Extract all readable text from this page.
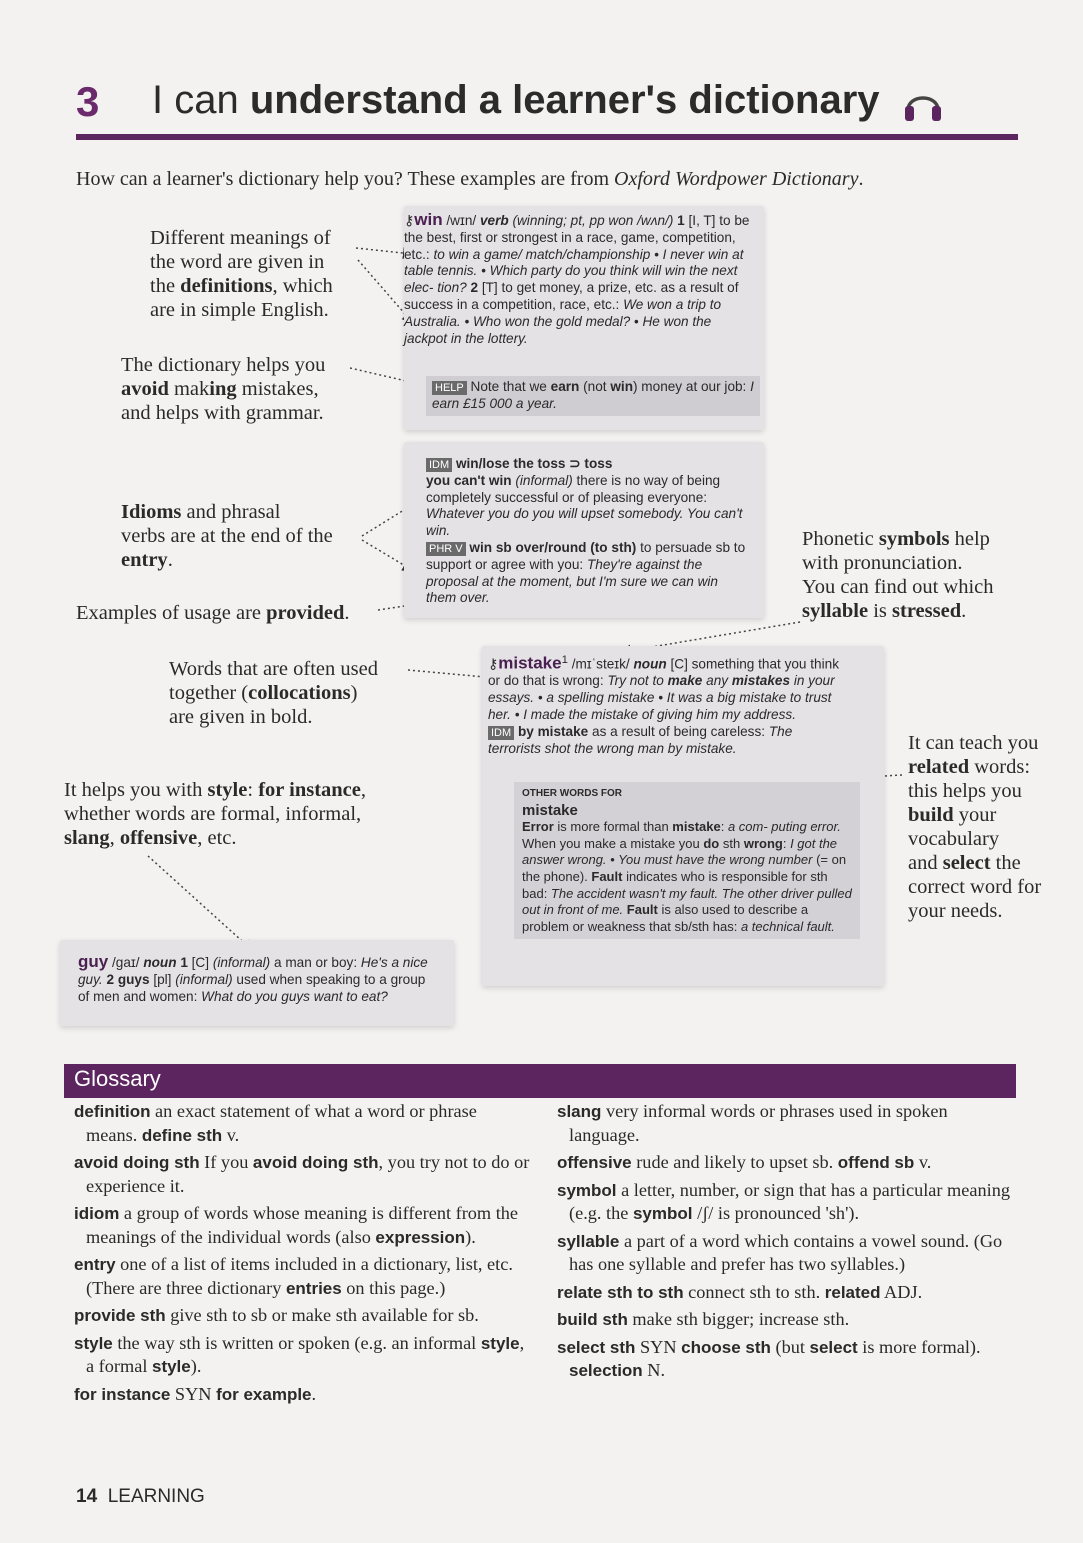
3 I can understand a learner's dictionary
How can a learner's dictionary help you? These examples are from Oxford Wordpower Dictionary.
Different meanings of
the word are given in
the definitions, which
are in simple English.
The dictionary helps you
avoid making mistakes,
and helps with grammar.
Idioms and phrasal
verbs are at the end of the
entry.
Examples of usage are provided.
Words that are often used
together (collocations)
are given in bold.
It helps you with style: for instance,
whether words are formal, informal,
slang, offensive, etc.
Phonetic symbols help
with pronunciation.
You can find out which
syllable is stressed.
It can teach you
related words:
this helps you
build your
vocabulary
and select the
correct word for
your needs.
⚷win /wɪn/ verb (winning; pt, pp won /wʌn/) 1 [I, T] to be the best, first or strongest in a race, game, competition, etc.: to win a game/ match/championship • I never win at table tennis. • Which party do you think will win the next elec- tion? 2 [T] to get money, a prize, etc. as a result of success in a competition, race, etc.: We won a trip to Australia. • Who won the gold medal? • He won the jackpot in the lottery.
HELP Note that we earn (not win) money at our job: I earn £15 000 a year.
IDM win/lose the toss ⊃ toss
you can't win (informal) there is no way of being completely successful or of pleasing everyone: Whatever you do you will upset somebody. You can't win.
PHR V win sb over/round (to sth) to persuade sb to support or agree with you: They're against the proposal at the moment, but I'm sure we can win them over.
⚷mistake$^1$ /mɪˈsteɪk/ noun [C] something that you think or do that is wrong: Try not to make any mistakes in your essays. • a spelling mistake • It was a big mistake to trust her. • I made the mistake of giving him my address.
IDM by mistake as a result of being careless: The terrorists shot the wrong man by mistake.
OTHER WORDS FOR
mistake
Error is more formal than mistake: a com- puting error. When you make a mistake you do sth wrong: I got the answer wrong. • You must have the wrong number (= on the phone). Fault indicates who is responsible for sth bad: The accident wasn't my fault. The other driver pulled out in front of me. Fault is also used to describe a problem or weakness that sb/sth has: a technical fault.
guy /ɡaɪ/ noun 1 [C] (informal) a man or boy: He's a nice guy. 2 guys [pl] (informal) used when speaking to a group of men and women: What do you guys want to eat?
Glossary
definition an exact statement of what a word or phrase means. define sth v.
avoid doing sth If you avoid doing sth, you try not to do or experience it.
idiom a group of words whose meaning is different from the meanings of the individual words (also expression).
entry one of a list of items included in a dictionary, list, etc. (There are three dictionary entries on this page.)
provide sth give sth to sb or make sth available for sb.
style the way sth is written or spoken (e.g. an informal style, a formal style).
for instance SYN for example.
slang very informal words or phrases used in spoken language.
offensive rude and likely to upset sb. offend sb v.
symbol a letter, number, or sign that has a particular meaning (e.g. the symbol /ʃ/ is pronounced 'sh').
syllable a part of a word which contains a vowel sound. (Go has one syllable and prefer has two syllables.)
relate sth to sth connect sth to sth. related ADJ.
build sth make sth bigger; increase sth.
select sth SYN choose sth (but select is more formal). selection N.
14 LEARNING
